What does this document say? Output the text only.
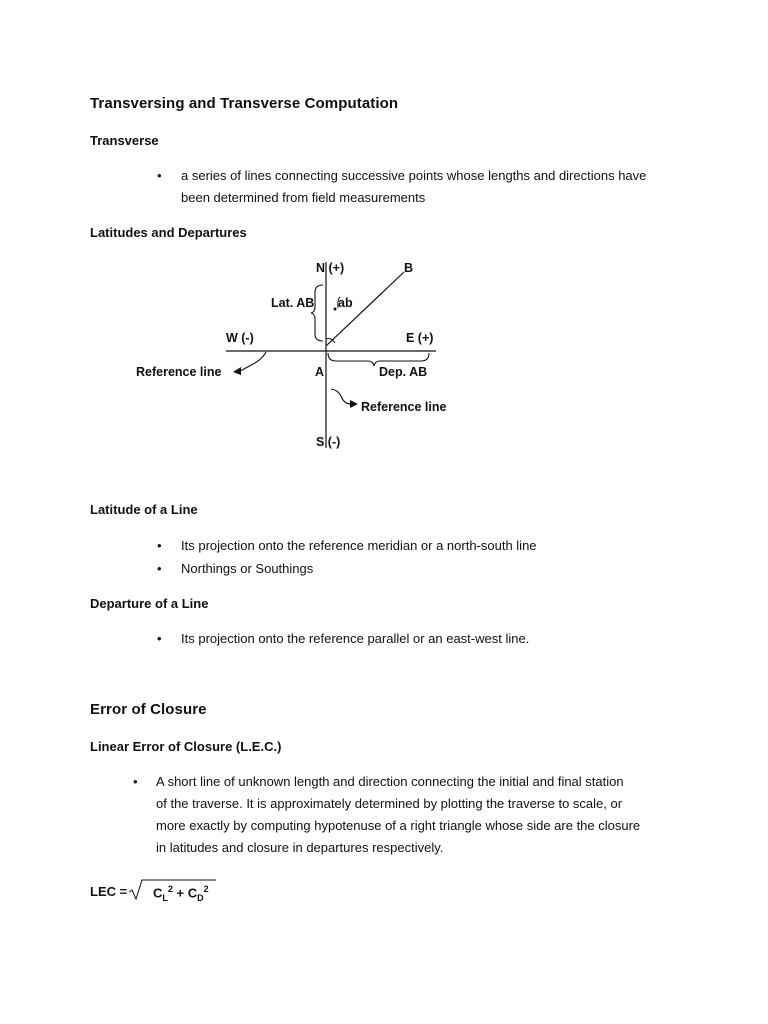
Transversing and Transverse Computation
Transverse
• a series of lines connecting successive points whose lengths and directions have
been determined from field measurements
Latitudes and Departures
N (+)	B
Lat. AB ab
W (-)	E (+)
Reference line	A	Dep. AB
Reference line
S (-)
Latitude of a Line
• Its projection onto the reference meridian or a north-south line
• Northings or Southings
Departure of a Line
• Its projection onto the reference parallel or an east-west line.
Error of Closure
Linear Error of Closure (L.E.C.)
• A short line of unknown length and direction connecting the initial and final station
of the traverse. It is approximately determined by plotting the traverse to scale, or
more exactly by computing hypotenuse of a right triangle whose side are the closure
in latitudes and closure in departures respectively.
LEC = $C_L^2 + C_D^2$
